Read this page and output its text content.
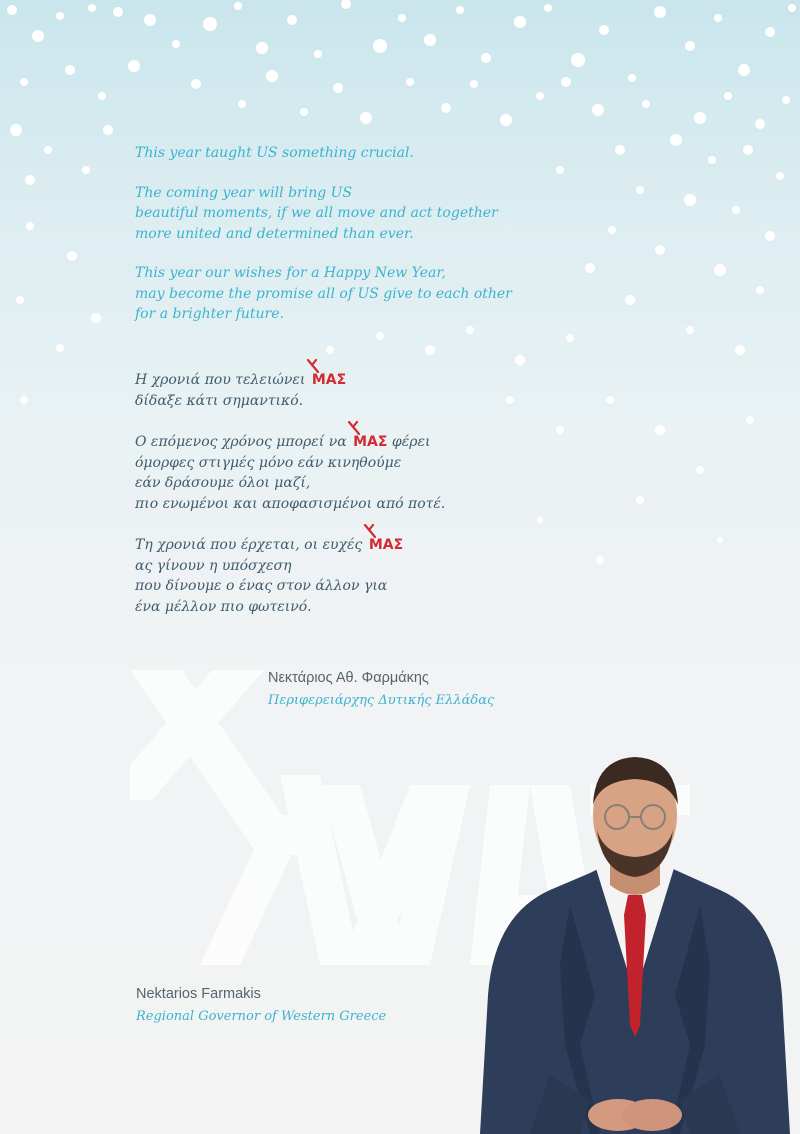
This year taught US something crucial.
The coming year will bring US
beautiful moments, if we all move and act together
more united and determined than ever.
This year our wishes for a Happy New Year,
may become the promise all of US give to each other
for a brighter future.
Η χρονιά που τελειώνει ΜΑΣ
δίδαξε κάτι σημαντικό.
Ο επόμενος χρόνος μπορεί να ΜΑΣ φέρει
όμορφες στιγμές μόνο εάν κινηθούμε
εάν δράσουμε όλοι μαζί,
πιο ενωμένοι και αποφασισμένοι από ποτέ.
Τη χρονιά που έρχεται, οι ευχές ΜΑΣ
ας γίνουν η υπόσχεση
που δίνουμε ο ένας στον άλλον για
ένα μέλλον πιο φωτεινό.
Νεκτάριος Αθ. Φαρμάκης
Περιφερειάρχης Δυτικής Ελλάδας
Nektarios Farmakis
Regional Governor of Western Greece
